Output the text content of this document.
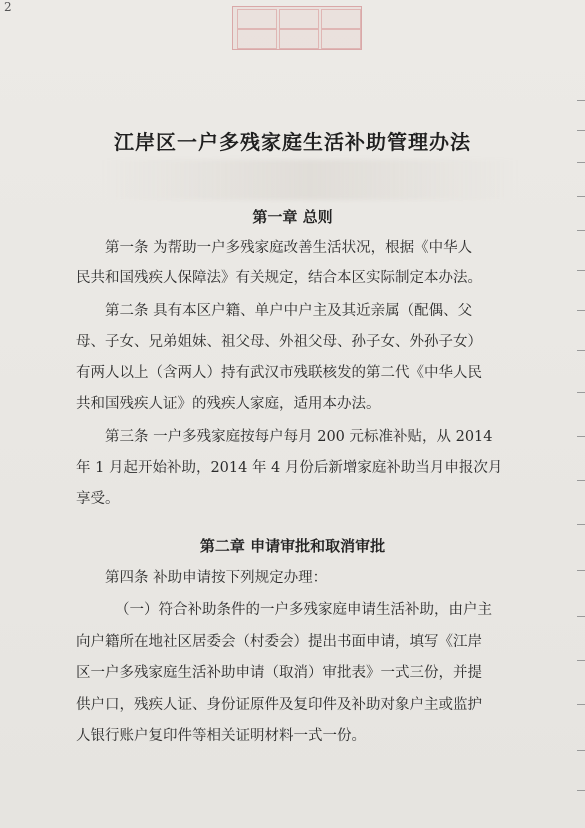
2
江岸区一户多残家庭生活补助管理办法
第一章 总则
第一条 为帮助一户多残家庭改善生活状况，根据《中华人
民共和国残疾人保障法》有关规定，结合本区实际制定本办法。
第二条 具有本区户籍、单户中户主及其近亲属（配偶、父
母、子女、兄弟姐妹、祖父母、外祖父母、孙子女、外孙子女）
有两人以上（含两人）持有武汉市残联核发的第二代《中华人民
共和国残疾人证》的残疾人家庭，适用本办法。
第三条 一户多残家庭按每户每月 200 元标准补贴，从 2014
年 1 月起开始补助，2014 年 4 月份后新增家庭补助当月申报次月
享受。
第二章 申请审批和取消审批
第四条 补助申请按下列规定办理：
（一）符合补助条件的一户多残家庭申请生活补助，由户主
向户籍所在地社区居委会（村委会）提出书面申请，填写《江岸
区一户多残家庭生活补助申请（取消）审批表》一式三份，并提
供户口，残疾人证、身份证原件及复印件及补助对象户主或监护
人银行账户复印件等相关证明材料一式一份。
